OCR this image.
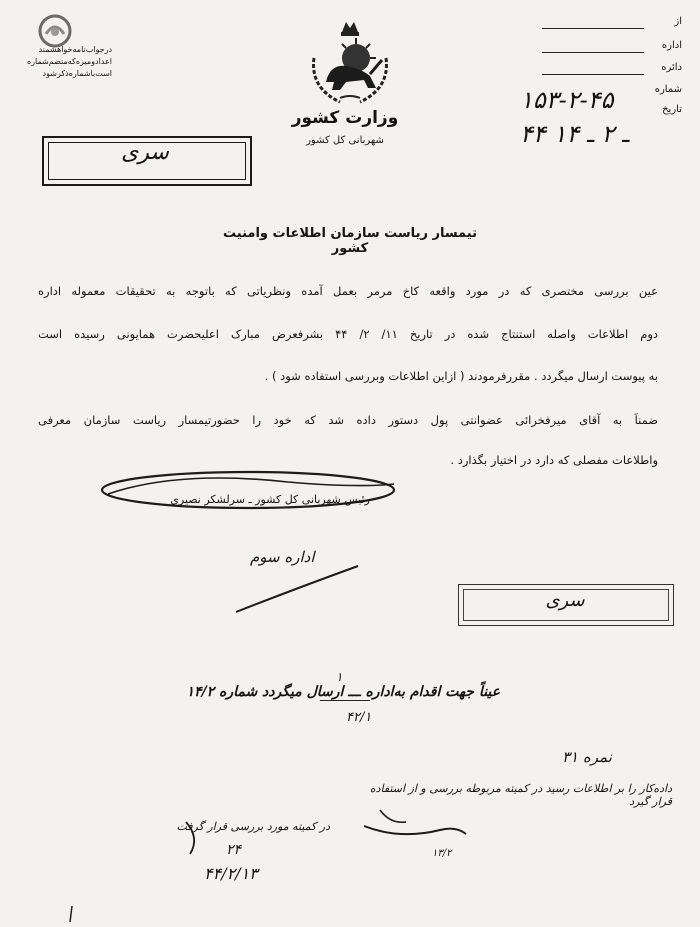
درجواب‌نامه‌خواهشمند
اعداد‌ومیز‌ه‌که‌منضم‌شماره
است‌با‌شماره‌ذکر‌شود
وزارت کشور
شهربانی کل کشور
از
اداره
دائره
شماره
تاریخ
۱۵۳-۲-۴۵
۴۴ ـ ۲ ـ ۱۴
سری
تیمسار ریاست سازمان اطلاعات وامنیت کشور
عین بررسی مختصری که در مورد واقعه کاخ مرمر بعمل آمده ونظریاتی که باتوجه به تحقیقات معموله اداره
دوم اطلاعات واصله استنتاج شده در تاریخ ۱۱/ ۲/ ۴۴ بشرفعرض مبارک اعلیحضرت همایونی رسیده است
به پیوست ارسال میگردد . مقررفرمودند ( ازاین اطلاعات وبررسی استفاده شود ) .
ضمناً به آقای میرفخرائی عضوانتی پول دستور داده شد که خود را حضورتیمسار ریاست سازمان معرفی
واطلاعات مفصلی که دارد در اختیار بگذارد .
رئیس شهربانی کل کشور ـ سرلشکر نصیری
اداره سوم
سری
عیناً جهت اقدام به‌اداره ـــ ارسال میگردد شماره ۱۴/۲
۱
۴۲/۱
نمره ۳۱
داده‌کار را‌ بر اطلاعات رسید در کمیته مربوطه بررسی و از استفاده قرار گیرد
۱۳/۲
در کمیته مورد بررسی قرار گرفت
۲۴
۴۴/۲/۱۳
